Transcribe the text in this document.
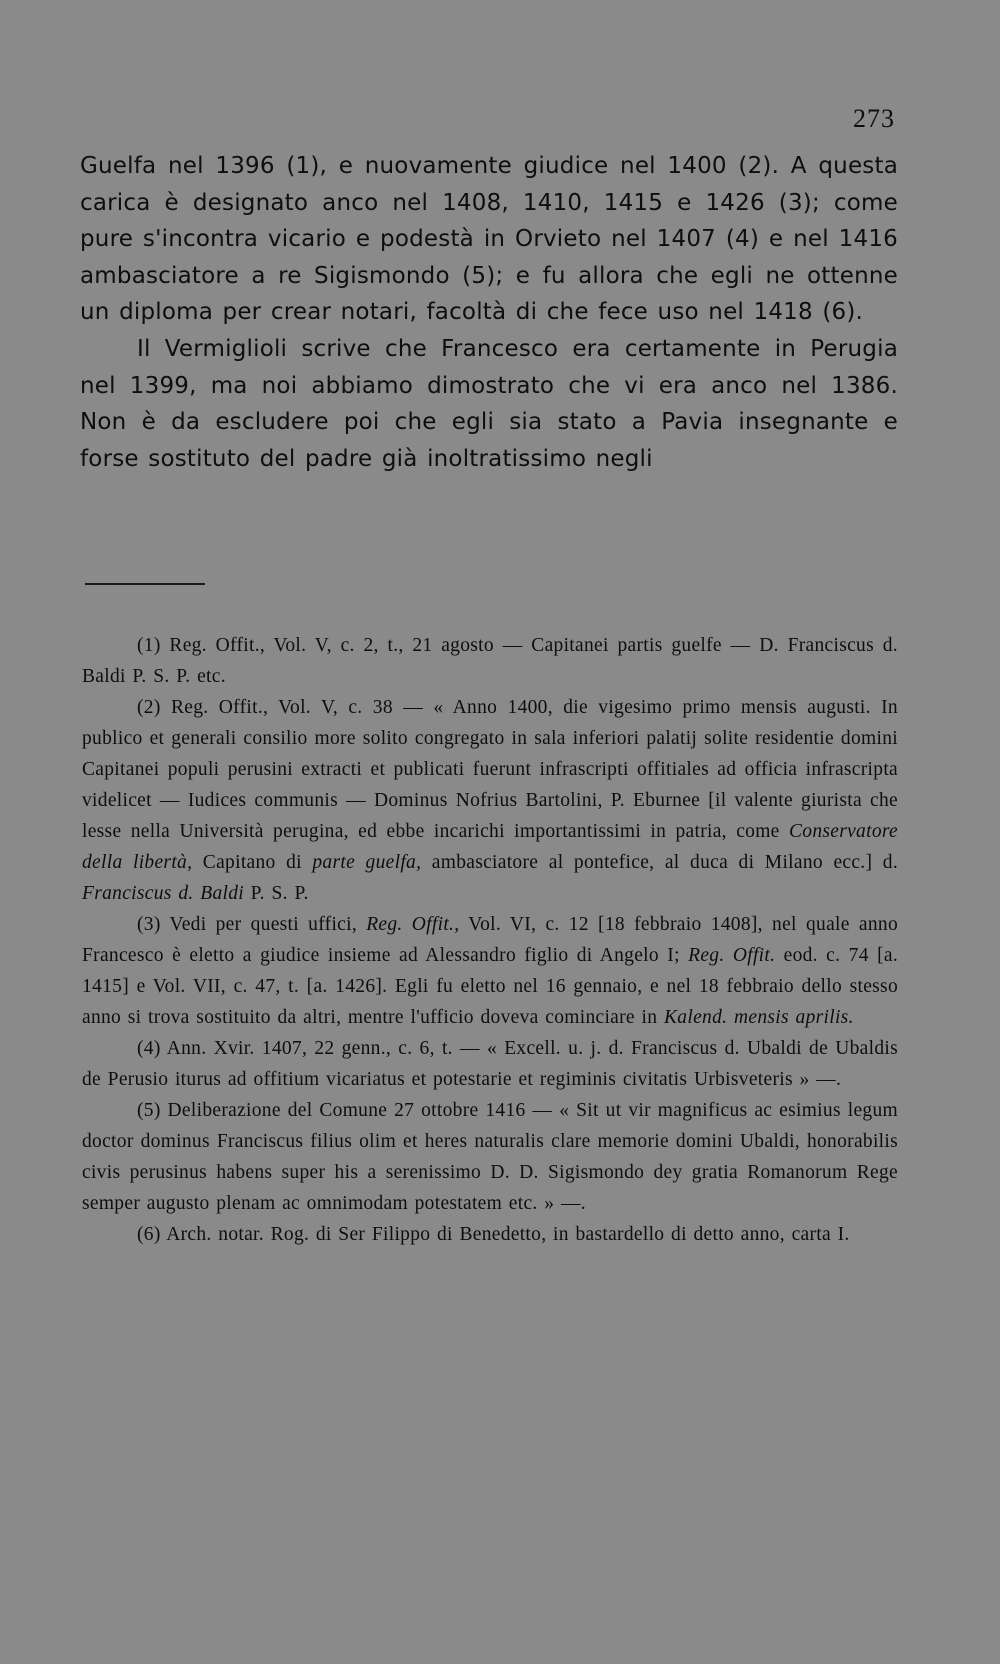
273

Guelfa nel 1396 (1), e nuovamente giudice nel 1400 (2). A questa carica è designato anco nel 1408, 1410, 1415 e 1426 (3); come pure s'incontra vicario e podestà in Orvieto nel 1407 (4) e nel 1416 ambasciatore a re Sigismondo (5); e fu allora che egli ne ottenne un diploma per crear notari, facoltà di che fece uso nel 1418 (6).

Il Vermiglioli scrive che Francesco era certamente in Perugia nel 1399, ma noi abbiamo dimostrato che vi era anco nel 1386. Non è da escludere poi che egli sia stato a Pavia insegnante e forse sostituto del padre già inoltratissimo negli

(1) Reg. Offit., Vol. V, c. 2, t., 21 agosto — Capitanei partis guelfe — D. Franciscus d. Baldi P. S. P. etc.

(2) Reg. Offit., Vol. V, c. 38 — « Anno 1400, die vigesimo primo mensis augusti. In publico et generali consilio more solito congregato in sala inferiori palatij solite residentie domini Capitanei populi perusini extracti et publicati fuerunt infrascripti offitiales ad officia infrascripta videlicet — Iudices communis — Dominus Nofrius Bartolini, P. Eburnee [il valente giurista che lesse nella Università perugina, ed ebbe incarichi importantissimi in patria, come Conservatore della libertà, Capitano di parte guelfa, ambasciatore al pontefice, al duca di Milano ecc.] d. Franciscus d. Baldi P. S. P.

(3) Vedi per questi uffici, Reg. Offit., Vol. VI, c. 12 [18 febbraio 1408], nel quale anno Francesco è eletto a giudice insieme ad Alessandro figlio di Angelo I; Reg. Offit. eod. c. 74 [a. 1415] e Vol. VII, c. 47, t. [a. 1426]. Egli fu eletto nel 16 gennaio, e nel 18 febbraio dello stesso anno si trova sostituito da altri, mentre l'ufficio doveva cominciare in Kalend. mensis aprilis.

(4) Ann. Xvir. 1407, 22 genn., c. 6, t. — « Excell. u. j. d. Franciscus d. Ubaldi de Ubaldis de Perusio iturus ad offitium vicariatus et potestarie et regiminis civitatis Urbisveteris » —.

(5) Deliberazione del Comune 27 ottobre 1416 — « Sit ut vir magnificus ac esimius legum doctor dominus Franciscus filius olim et heres naturalis clare memorie domini Ubaldi, honorabilis civis perusinus habens super his a serenissimo D. D. Sigismondo dey gratia Romanorum Rege semper augusto plenam ac omnimodam potestatem etc. » —.

(6) Arch. notar. Rog. di Ser Filippo di Benedetto, in bastardello di detto anno, carta I.
